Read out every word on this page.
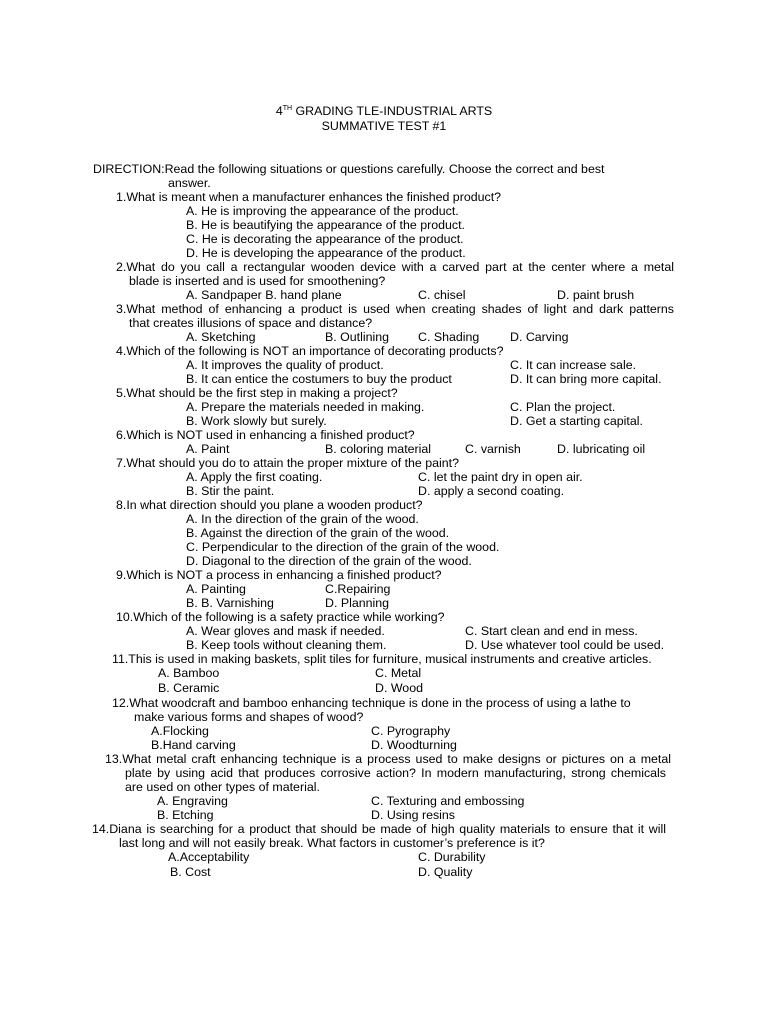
4TH GRADING TLE-INDUSTRIAL ARTS
SUMMATIVE TEST #1
DIRECTION:Read the following situations or questions carefully. Choose the correct and best
answer.
1.What is meant when a manufacturer enhances the finished product?
A. He is improving the appearance of the product.
B. He is beautifying the appearance of the product.
C. He is decorating the appearance of the product.
D. He is developing the appearance of the product.
2.What do you call a rectangular wooden device with a carved part at the center where a metal
blade is inserted and is used for smoothening?
A. Sandpaper B. hand plane	C. chisel	D. paint brush
3.What method of enhancing a product is used when creating shades of light and dark patterns
that creates illusions of space and distance?
A. Sketching	B. Outlining C. Shading D. Carving
4.Which of the following is NOT an importance of decorating products?
A. It improves the quality of product.	C. It can increase sale.
B. It can entice the costumers to buy the product	D. It can bring more capital.
5.What should be the first step in making a project?
A. Prepare the materials needed in making.	C. Plan the project.
B. Work slowly but surely.	D. Get a starting capital.
6.Which is NOT used in enhancing a finished product?
A. Paint	B. coloring material	C. varnish	D. lubricating oil
7.What should you do to attain the proper mixture of the paint?
A. Apply the first coating.	C. let the paint dry in open air.
B. Stir the paint.	D. apply a second coating.
8.In what direction should you plane a wooden product?
A. In the direction of the grain of the wood.
B. Against the direction of the grain of the wood.
C. Perpendicular to the direction of the grain of the wood.
D. Diagonal to the direction of the grain of the wood.
9.Which is NOT a process in enhancing a finished product?
A. Painting	C.Repairing
B. B. Varnishing	D. Planning
10.Which of the following is a safety practice while working?
A. Wear gloves and mask if needed.	C. Start clean and end in mess.
B. Keep tools without cleaning them.	D. Use whatever tool could be used.
11.This is used in making baskets, split tiles for furniture, musical instruments and creative articles.
A. Bamboo	C. Metal
B. Ceramic	D. Wood
12.What woodcraft and bamboo enhancing technique is done in the process of using a lathe to
make various forms and shapes of wood?
A.Flocking	C. Pyrography
B.Hand carving	D. Woodturning
13.What metal craft enhancing technique is a process used to make designs or pictures on a metal
plate by using acid that produces corrosive action? In modern manufacturing, strong chemicals
are used on other types of material.
A. Engraving	C. Texturing and embossing
B. Etching	D. Using resins
14.Diana is searching for a product that should be made of high quality materials to ensure that it will
last long and will not easily break. What factors in customer’s preference is it?
A.Acceptability	C. Durability
B. Cost	D. Quality
